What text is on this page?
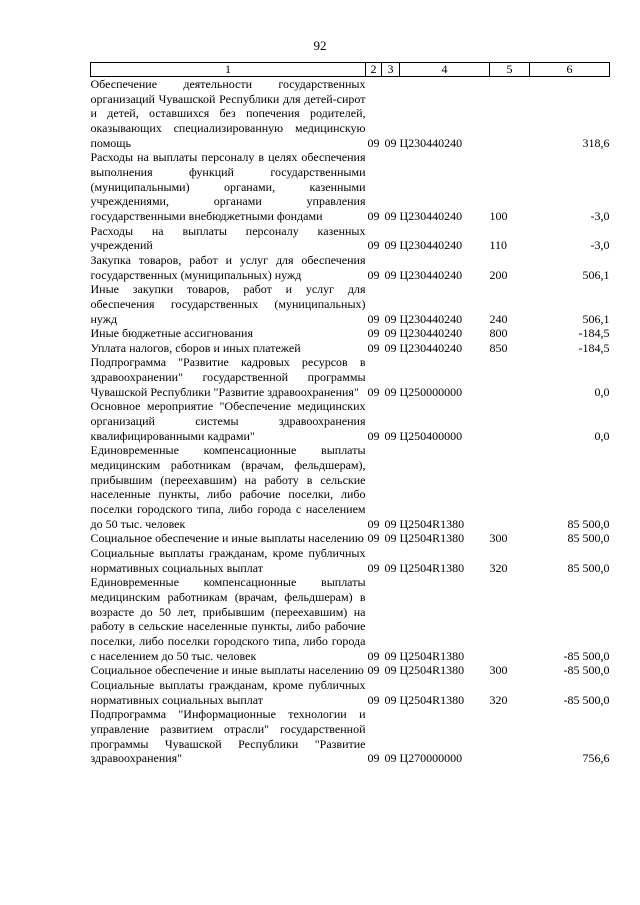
92
1	2	3	4	5	6
Обеспечение деятельности государственных организаций Чувашской Республики для детей-сирот и детей, оставшихся без попечения родителей, оказывающих специализированную медицинскую помощь	09	09	Ц230440240		318,6
Расходы на выплаты персоналу в целях обеспечения выполнения функций государственными (муниципальными) органами, казенными учреждениями, органами управления государственными внебюджетными фондами	09	09	Ц230440240	100	-3,0
Расходы на выплаты персоналу казенных учреждений	09	09	Ц230440240	110	-3,0
Закупка товаров, работ и услуг для обеспечения государственных (муниципальных) нужд	09	09	Ц230440240	200	506,1
Иные закупки товаров, работ и услуг для обеспечения государственных (муниципальных) нужд	09	09	Ц230440240	240	506,1
Иные бюджетные ассигнования	09	09	Ц230440240	800	-184,5
Уплата налогов, сборов и иных платежей	09	09	Ц230440240	850	-184,5
Подпрограмма "Развитие кадровых ресурсов в здравоохранении" государственной программы Чувашской Республики "Развитие здравоохранения"	09	09	Ц250000000		0,0
Основное мероприятие "Обеспечение медицинских организаций системы здравоохранения квалифицированными кадрами"	09	09	Ц250400000		0,0
Единовременные компенсационные выплаты медицинским работникам (врачам, фельдшерам), прибывшим (переехавшим) на работу в сельские населенные пункты, либо рабочие поселки, либо поселки городского типа, либо города с населением до 50 тыс. человек	09	09	Ц2504R1380		85 500,0
Социальное обеспечение и иные выплаты населению	09	09	Ц2504R1380	300	85 500,0
Социальные выплаты гражданам, кроме публичных нормативных социальных выплат	09	09	Ц2504R1380	320	85 500,0
Единовременные компенсационные выплаты медицинским работникам (врачам, фельдшерам) в возрасте до 50 лет, прибывшим (переехавшим) на работу в сельские населенные пункты, либо рабочие поселки, либо поселки городского типа, либо города с населением до 50 тыс. человек	09	09	Ц2504R1380		-85 500,0
Социальное обеспечение и иные выплаты населению	09	09	Ц2504R1380	300	-85 500,0
Социальные выплаты гражданам, кроме публичных нормативных социальных выплат	09	09	Ц2504R1380	320	-85 500,0
Подпрограмма "Информационные технологии и управление развитием отрасли" государственной программы Чувашской Республики "Развитие здравоохранения"	09	09	Ц270000000		756,6
